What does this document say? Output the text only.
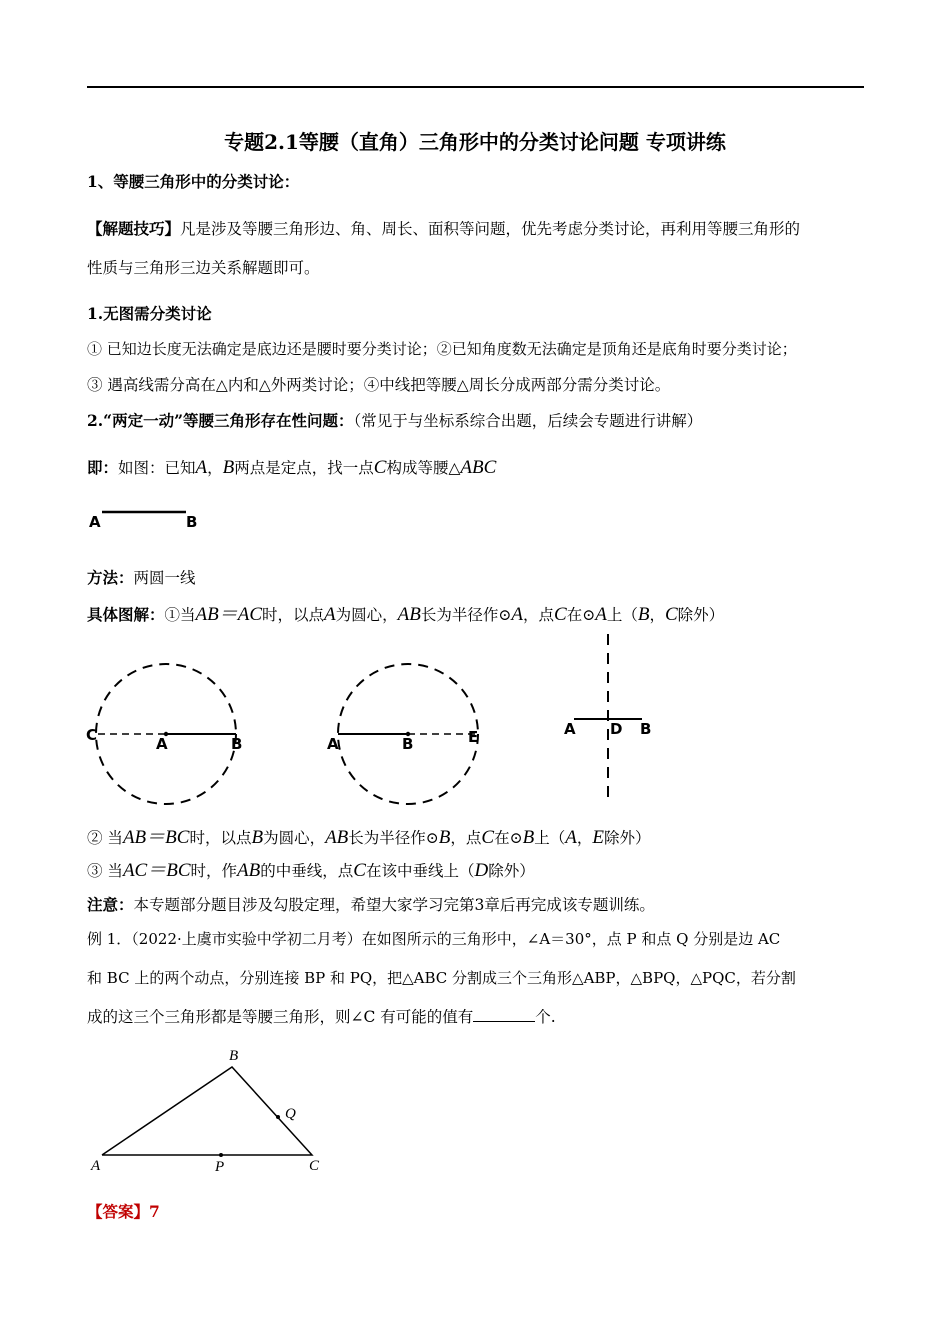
专题2.1等腰（直角）三角形中的分类讨论问题 专项讲练
1、等腰三角形中的分类讨论：
【解题技巧】凡是涉及等腰三角形边、角、周长、面积等问题，优先考虑分类讨论，再利用等腰三角形的
性质与三角形三边关系解题即可。
1.无图需分类讨论
① 已知边长度无法确定是底边还是腰时要分类讨论；②已知角度数无法确定是顶角还是底角时要分类讨论；
③ 遇高线需分高在△内和△外两类讨论；④中线把等腰△周长分成两部分需分类讨论。
2.“两定一动”等腰三角形存在性问题：（常见于与坐标系综合出题，后续会专题进行讲解）
即：如图：已知A，B两点是定点，找一点C构成等腰△ABC
A	B
方法：两圆一线
具体图解：①当AB＝AC时，以点A为圆心，AB长为半径作⊙A，点C在⊙A上（B，C除外）
C	A	B	A	B	E	A D B
② 当AB＝BC时，以点B为圆心，AB长为半径作⊙B，点C在⊙B上（A，E除外）
③ 当AC＝BC时，作AB的中垂线，点C在该中垂线上（D除外）
注意：本专题部分题目涉及勾股定理，希望大家学习完第3章后再完成该专题训练。
例 1．（2022·上虞市实验中学初二月考）在如图所示的三角形中，∠A＝30°，点 P 和点 Q 分别是边 AC
和 BC 上的两个动点，分别连接 BP 和 PQ，把△ABC 分割成三个三角形△ABP，△BPQ，△PQC，若分割
成的这三个三角形都是等腰三角形，则∠C 有可能的值有	个.
A
B
C
P
Q
【答案】7
